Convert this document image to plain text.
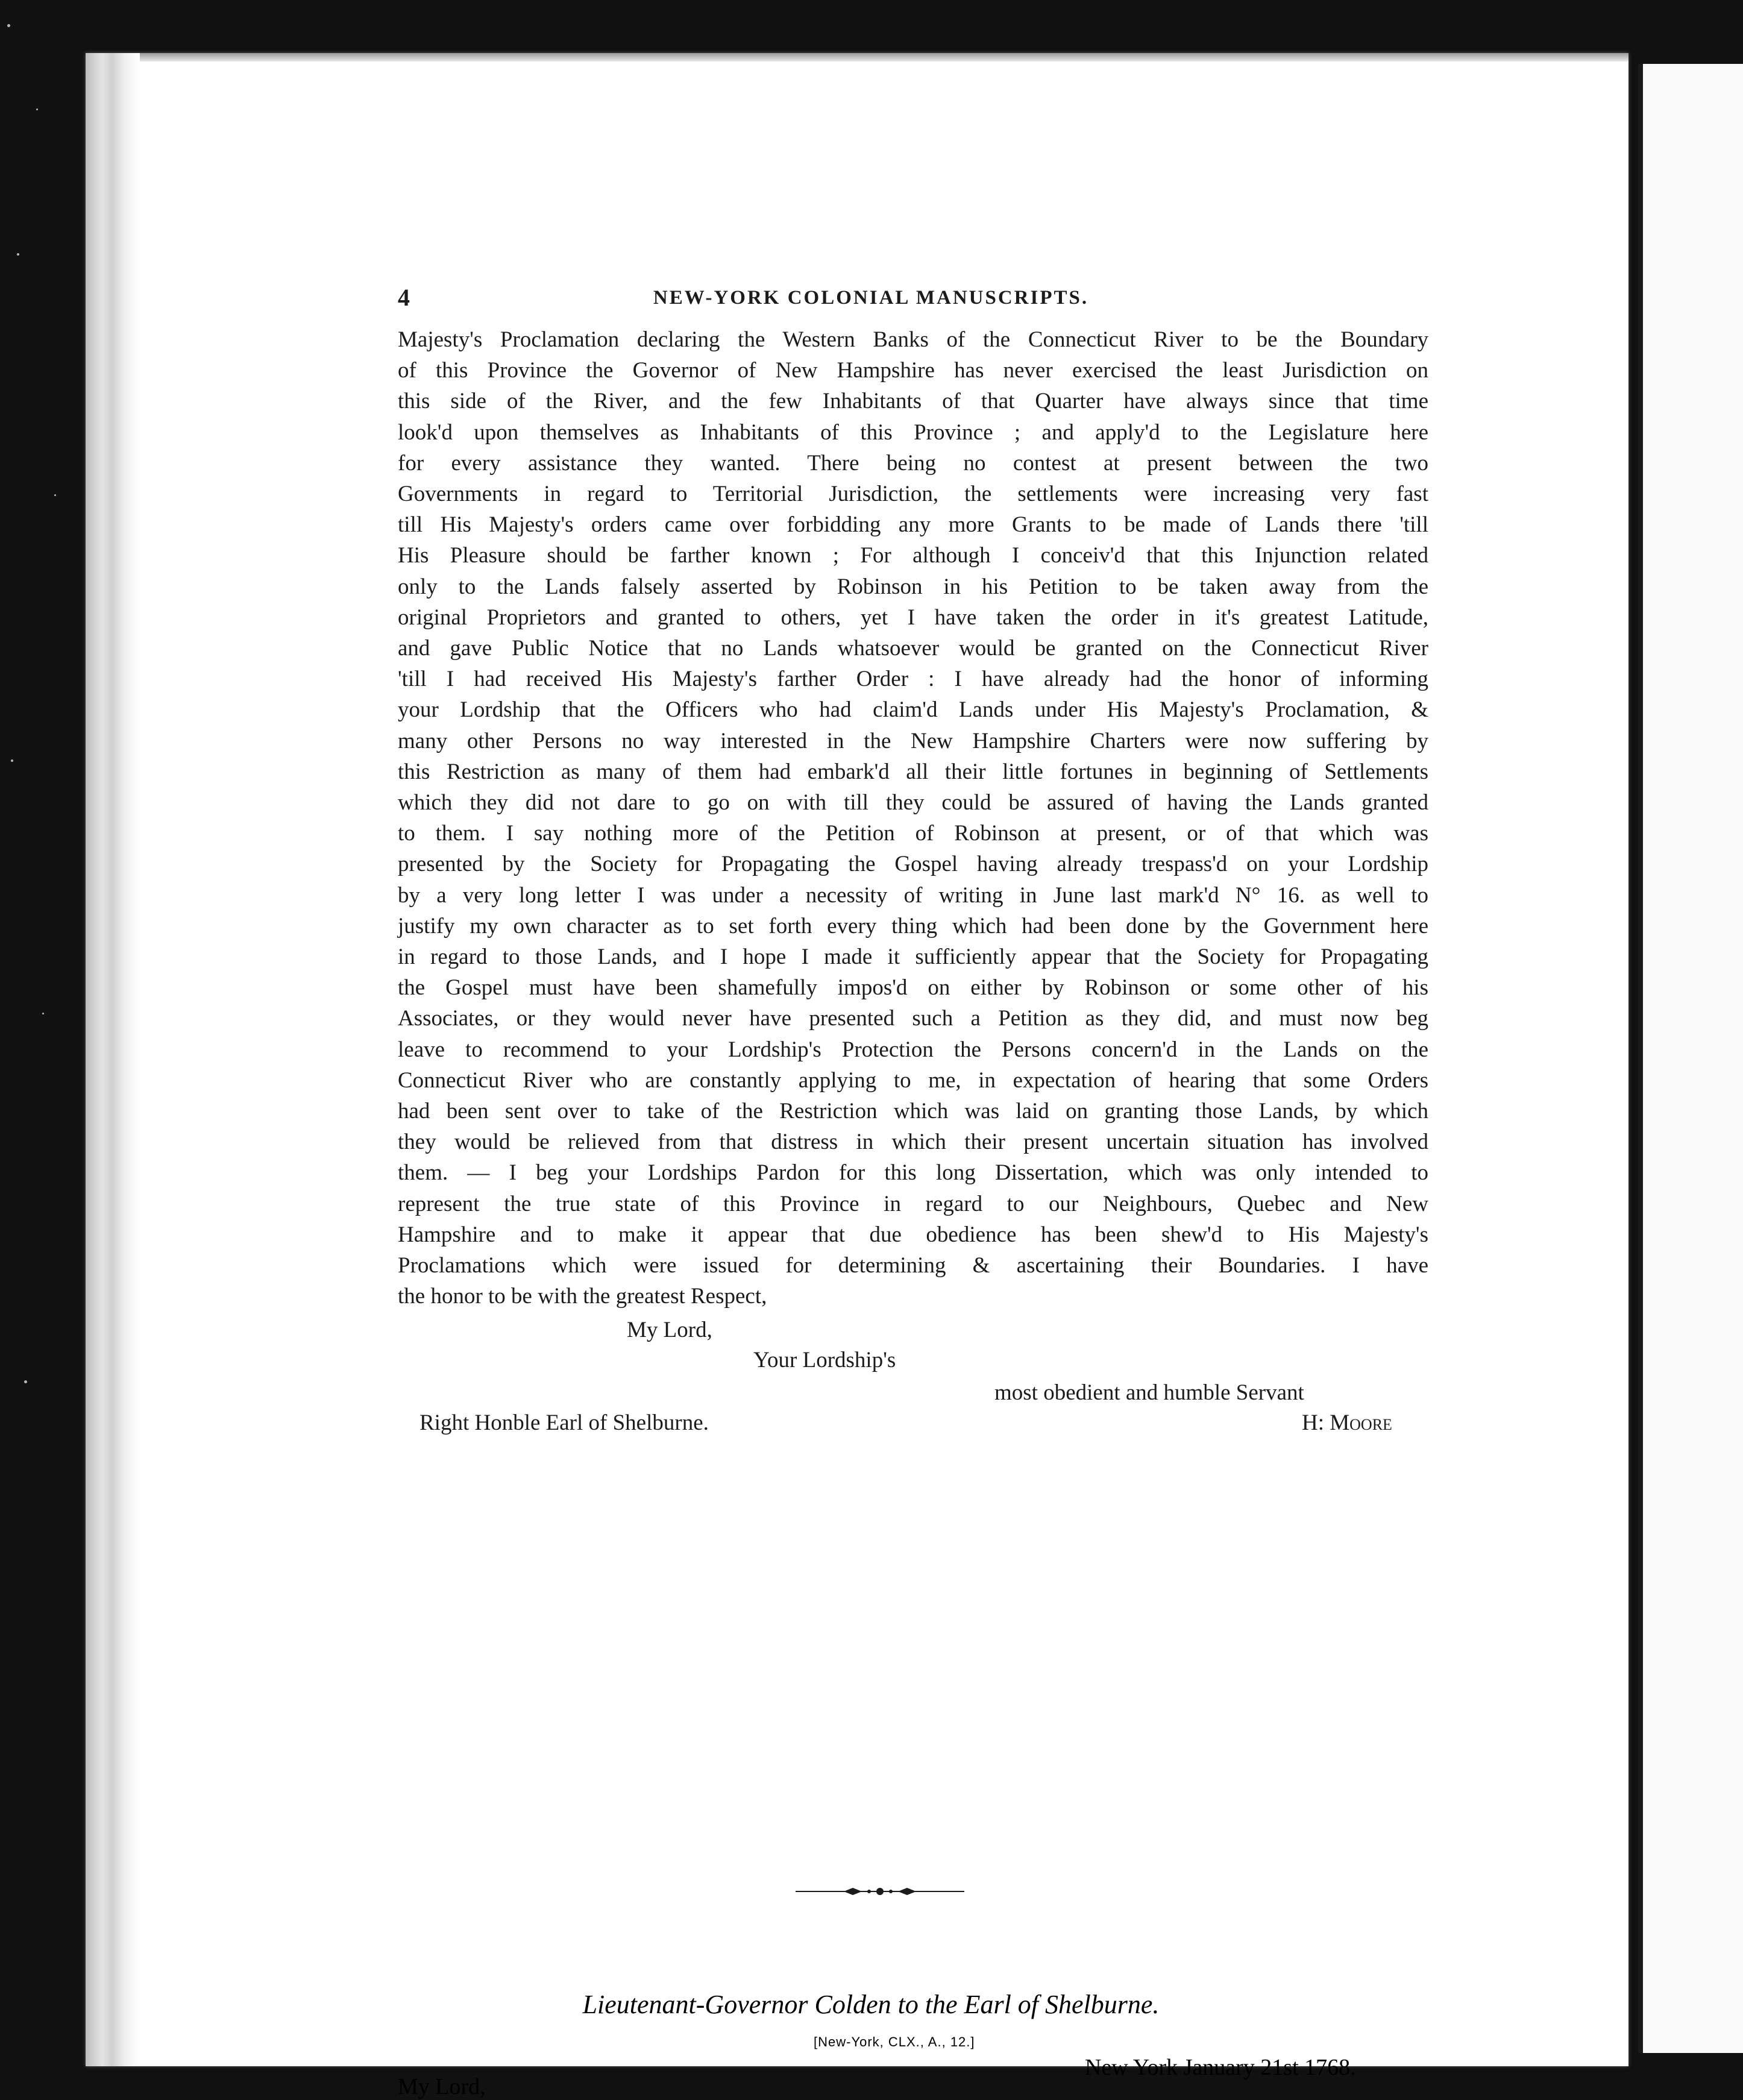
4	NEW-YORK COLONIAL MANUSCRIPTS.
Majesty's Proclamation declaring the Western Banks of the Connecticut River to be the Boundary
of this Province the Governor of New Hampshire has never exercised the least Jurisdiction on
this side of the River, and the few Inhabitants of that Quarter have always since that time
look'd upon themselves as Inhabitants of this Province ; and apply'd to the Legislature here
for every assistance they wanted. There being no contest at present between the two
Governments in regard to Territorial Jurisdiction, the settlements were increasing very fast
till His Majesty's orders came over forbidding any more Grants to be made of Lands there 'till
His Pleasure should be farther known ; For although I conceiv'd that this Injunction related
only to the Lands falsely asserted by Robinson in his Petition to be taken away from the
original Proprietors and granted to others, yet I have taken the order in it's greatest Latitude,
and gave Public Notice that no Lands whatsoever would be granted on the Connecticut River
'till I had received His Majesty's farther Order : I have already had the honor of informing
your Lordship that the Officers who had claim'd Lands under His Majesty's Proclamation, &
many other Persons no way interested in the New Hampshire Charters were now suffering by
this Restriction as many of them had embark'd all their little fortunes in beginning of Settlements
which they did not dare to go on with till they could be assured of having the Lands granted
to them. I say nothing more of the Petition of Robinson at present, or of that which was
presented by the Society for Propagating the Gospel having already trespass'd on your Lordship
by a very long letter I was under a necessity of writing in June last mark'd N° 16. as well to
justify my own character as to set forth every thing which had been done by the Government here
in regard to those Lands, and I hope I made it sufficiently appear that the Society for Propagating
the Gospel must have been shamefully impos'd on either by Robinson or some other of his
Associates, or they would never have presented such a Petition as they did, and must now beg
leave to recommend to your Lordship's Protection the Persons concern'd in the Lands on the
Connecticut River who are constantly applying to me, in expectation of hearing that some Orders
had been sent over to take of the Restriction which was laid on granting those Lands, by which
they would be relieved from that distress in which their present uncertain situation has involved
them. — I beg your Lordships Pardon for this long Dissertation, which was only intended to
represent the true state of this Province in regard to our Neighbours, Quebec and New
Hampshire and to make it appear that due obedience has been shew'd to His Majesty's
Proclamations which were issued for determining & ascertaining their Boundaries. I have
the honor to be with the greatest Respect,
My Lord,
Your Lordship's
most obedient and humble Servant
Right Honble Earl of Shelburne.	H: Moore
Lieutenant-Governor Colden to the Earl of Shelburne.
[New-York, CLX., A., 12.]
New York January 21st 1768.
My Lord,
